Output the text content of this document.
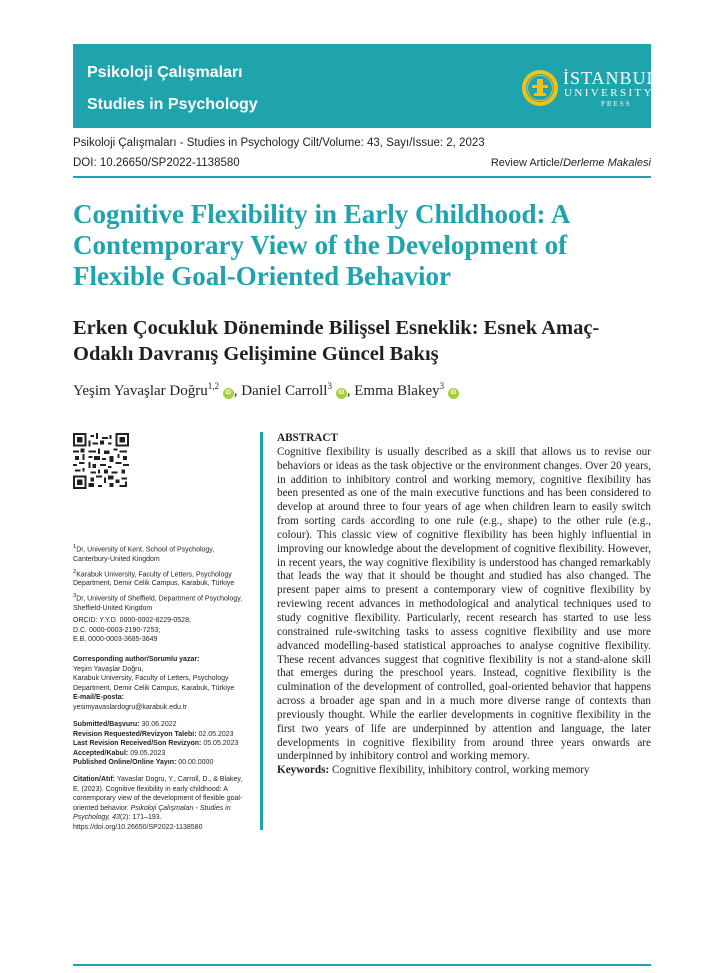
Psikoloji Çalışmaları
Studies in Psychology
İSTANBUL
UNIVERSITY
PRESS
Psikoloji Çalışmaları - Studies in Psychology Cilt/Volume: 43, Sayı/Issue: 2, 2023
DOI: 10.26650/SP2022-1138580	Review Article/Derleme Makalesi
Cognitive Flexibility in Early Childhood: A Contemporary View of the Development of Flexible Goal-Oriented Behavior
Erken Çocukluk Döneminde Bilişsel Esneklik: Esnek Amaç-Odaklı Davranış Gelişimine Güncel Bakış
Yeşim Yavaşlar Doğru$^{1,2}$ iD , Daniel Carroll$^3$ iD , Emma Blakey$^3$ iD

$^1$Dr, University of Kent, School of Psychology, Canterbury-United Kingdom

$^2$Karabuk University, Faculty of Letters, Psychology Department, Demir Celik Campus, Karabuk, Türkiye

$^3$Dr, University of Sheffield, Department of Psychology, Sheffield-United Kingdom

ORCID: Y.Y.D. 0000-0002-8229-0528;

D.C. 0000-0003-2190-7253;

E.B. 0000-0003-3685-3649

Corresponding author/Sorumlu yazar:

Yeşim Yavaşlar Doğru,

Karabuk University, Faculty of Letters, Psychology Department, Demir Celik Campus, Karabuk, Türkiye

E-mail/E-posta:

yesimyavaslardogru@karabuk.edu.tr

Submitted/Başvuru: 30.06.2022

Revision Requested/Revizyon Talebi: 02.05.2023

Last Revision Received/Son Revizyon: 05.05.2023

Accepted/Kabul: 09.05.2023

Published Online/Online Yayın: 00.00.0000

Citation/Atıf: Yavaslar Dogru, Y., Carroll, D., & Blakey, E. (2023). Cognitive flexibility in early childhood: A contemporary view of the development of flexible goal-oriented behavior. Psikoloji Çalışmaları - Studies in Psychology, 43(2): 171–193. https://doi.org/10.26650/SP2022-1138580

ABSTRACT
Cognitive flexibility is usually described as a skill that allows us to revise our behaviors or ideas as the task objective or the environment changes. Over 20 years, in addition to inhibitory control and working memory, cognitive flexibility has been presented as one of the main executive functions and has been considered to develop at around three to four years of age when children learn to easily switch from sorting cards according to one rule (e.g., shape) to the other rule (e.g., colour). This classic view of cognitive flexibility has been highly influential in improving our knowledge about the development of cognitive flexibility. However, in recent years, the way cognitive flexibility is understood has changed remarkably that leads the way that it should be thought and studied has also changed. The present paper aims to present a contemporary view of cognitive flexibility by reviewing recent advances in methodological and analytical techniques used to study cognitive flexibility. Particularly, recent research has started to use less constrained rule-switching tasks to assess cognitive flexibility and use more advanced modelling-based statistical approaches to analyse cognitive flexibility. These recent advances suggest that cognitive flexibility is not a stand-alone skill that emerges during the preschool years. Instead, cognitive flexibility is the culmination of the development of controlled, goal-oriented behavior that happens across a broader age span and in a much more diverse range of contexts than previously thought. While the earlier developments in cognitive flexibility in the first two years of life are underpinned by attention and language, the later developments in cognitive flexibility from around three years onwards are underpinned by inhibitory control and working memory.
Keywords: Cognitive flexibility, inhibitory control, working memory
